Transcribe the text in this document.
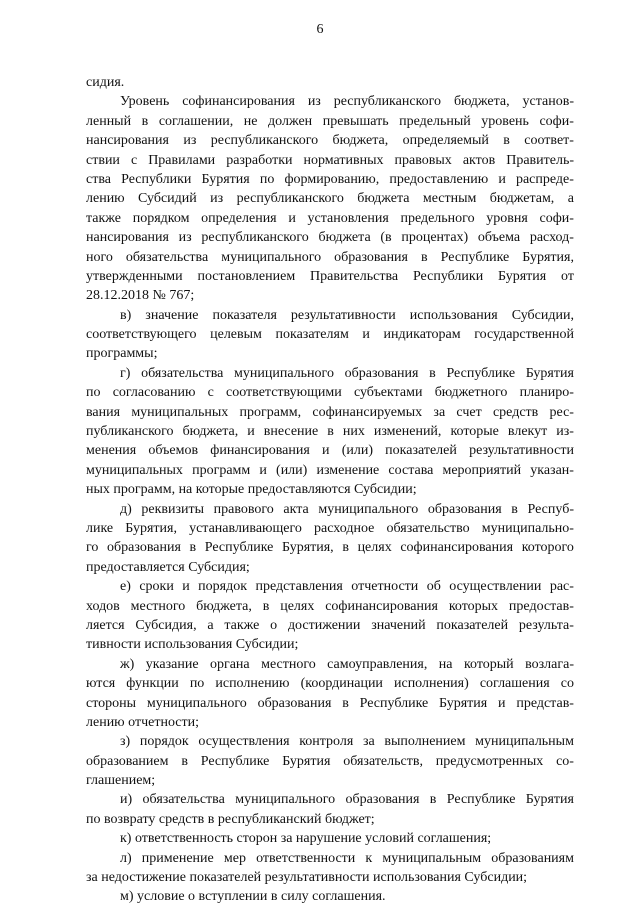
6
сидия.
Уровень софинансирования из республиканского бюджета, установ-
ленный в соглашении, не должен превышать предельный уровень софи-
нансирования из республиканского бюджета, определяемый в соответ-
ствии с Правилами разработки нормативных правовых актов Правитель-
ства Республики Бурятия по формированию, предоставлению и распреде-
лению Субсидий из республиканского бюджета местным бюджетам, а
также порядком определения и установления предельного уровня софи-
нансирования из республиканского бюджета (в процентах) объема расход-
ного обязательства муниципального образования в Республике Бурятия,
утвержденными постановлением Правительства Республики Бурятия от
28.12.2018 № 767;
в) значение показателя результативности использования Субсидии,
соответствующего целевым показателям и индикаторам государственной
программы;
г) обязательства муниципального образования в Республике Бурятия
по согласованию с соответствующими субъектами бюджетного планиро-
вания муниципальных программ, софинансируемых за счет средств рес-
публиканского бюджета, и внесение в них изменений, которые влекут из-
менения объемов финансирования и (или) показателей результативности
муниципальных программ и (или) изменение состава мероприятий указан-
ных программ, на которые предоставляются Субсидии;
д) реквизиты правового акта муниципального образования в Респуб-
лике Бурятия, устанавливающего расходное обязательство муниципально-
го образования в Республике Бурятия, в целях софинансирования которого
предоставляется Субсидия;
е) сроки и порядок представления отчетности об осуществлении рас-
ходов местного бюджета, в целях софинансирования которых предостав-
ляется Субсидия, а также о достижении значений показателей результа-
тивности использования Субсидии;
ж) указание органа местного самоуправления, на который возлага-
ются функции по исполнению (координации исполнения) соглашения со
стороны муниципального образования в Республике Бурятия и представ-
лению отчетности;
з) порядок осуществления контроля за выполнением муниципальным
образованием в Республике Бурятия обязательств, предусмотренных со-
глашением;
и) обязательства муниципального образования в Республике Бурятия
по возврату средств в республиканский бюджет;
к) ответственность сторон за нарушение условий соглашения;
л) применение мер ответственности к муниципальным образованиям
за недостижение показателей результативности использования Субсидии;
м) условие о вступлении в силу соглашения.
